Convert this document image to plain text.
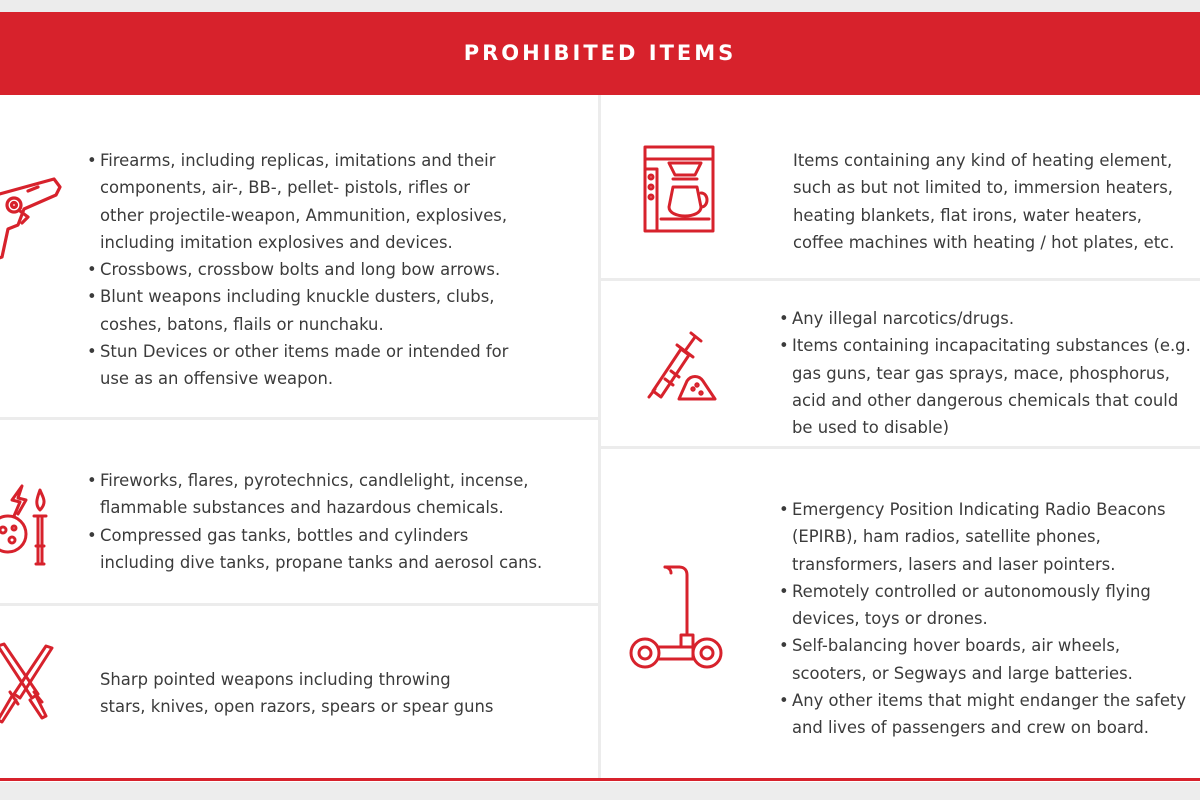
PROHIBITED ITEMS
• Firearms, including replicas, imitations and their
components, air-, BB-, pellet- pistols, rifles or
other projectile-weapon, Ammunition, explosives,
including imitation explosives and devices.
• Crossbows, crossbow bolts and long bow arrows.
• Blunt weapons including knuckle dusters, clubs,
coshes, batons, flails or nunchaku.
• Stun Devices or other items made or intended for
use as an offensive weapon.
• Fireworks, flares, pyrotechnics, candlelight, incense,
flammable substances and hazardous chemicals.
• Compressed gas tanks, bottles and cylinders
including dive tanks, propane tanks and aerosol cans.

Sharp pointed weapons including throwing
stars, knives, open razors, spears or spear guns

Items containing any kind of heating element,
such as but not limited to, immersion heaters,
heating blankets, flat irons, water heaters,
coffee machines with heating / hot plates, etc.

• Any illegal narcotics/drugs.
• Items containing incapacitating substances (e.g.
gas guns, tear gas sprays, mace, phosphorus,
acid and other dangerous chemicals that could
be used to disable)
• Emergency Position Indicating Radio Beacons
(EPIRB), ham radios, satellite phones,
transformers, lasers and laser pointers.
• Remotely controlled or autonomously flying
devices, toys or drones.
• Self-balancing hover boards, air wheels,
scooters, or Segways and large batteries.
• Any other items that might endanger the safety
and lives of passengers and crew on board.
